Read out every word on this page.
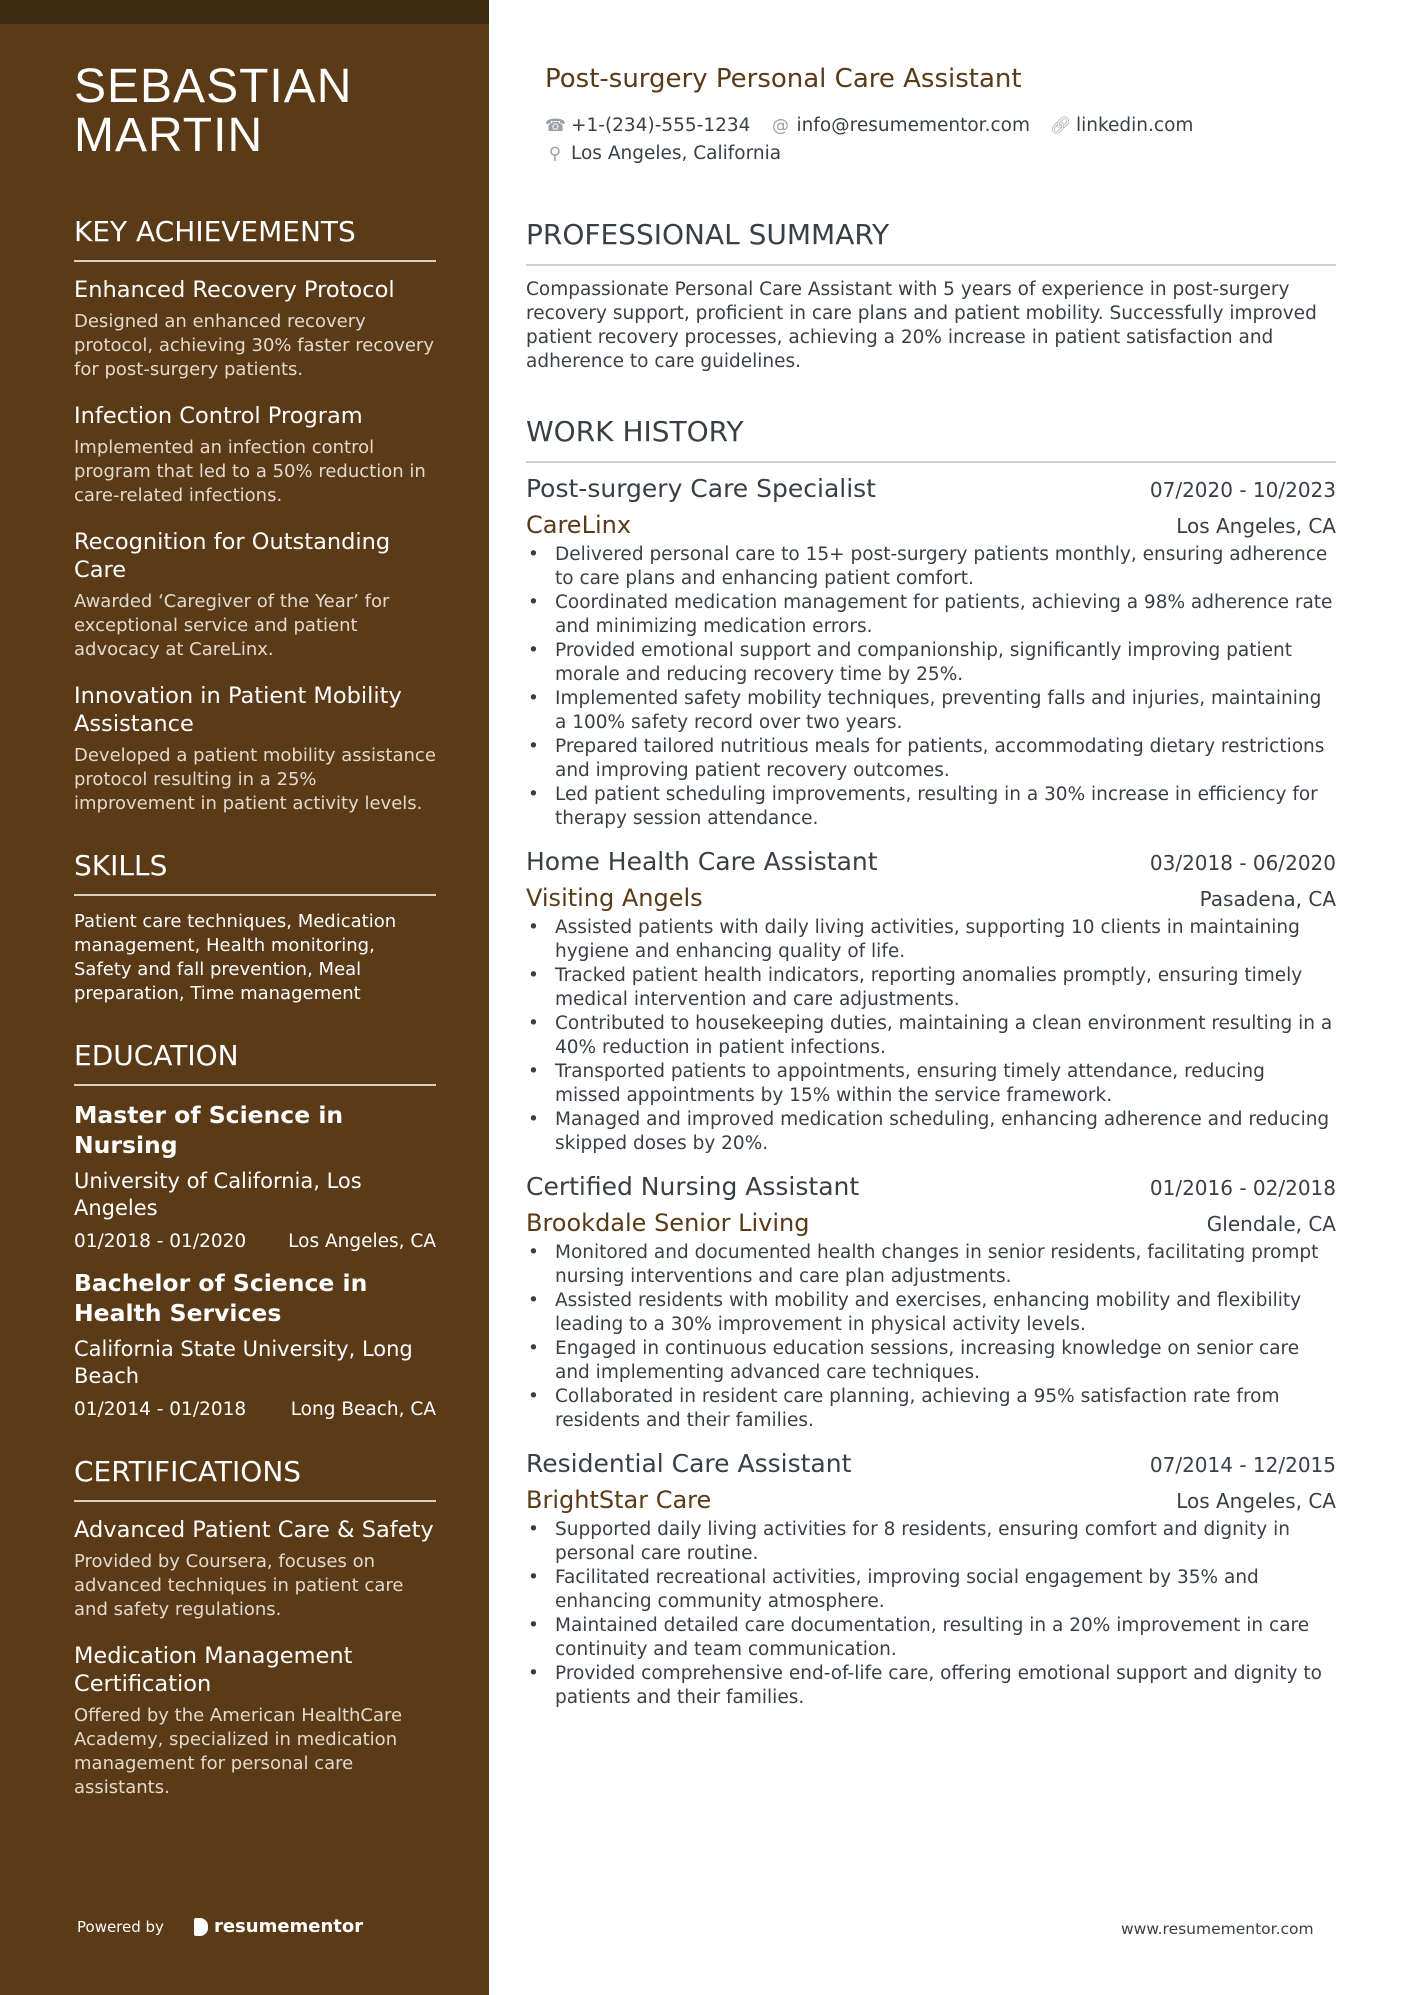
SEBASTIAN
MARTIN
KEY ACHIEVEMENTS
Enhanced Recovery Protocol
Designed an enhanced recovery protocol, achieving 30% faster recovery for post-surgery patients.
Infection Control Program
Implemented an infection control program that led to a 50% reduction in care-related infections.
Recognition for Outstanding Care
Awarded ‘Caregiver of the Year’ for exceptional service and patient advocacy at CareLinx.
Innovation in Patient Mobility Assistance
Developed a patient mobility assistance protocol resulting in a 25% improvement in patient activity levels.
SKILLS

Patient care techniques, Medication management, Health monitoring, Safety and fall prevention, Meal preparation, Time management

EDUCATION
Master of Science in Nursing
University of California, Los Angeles
01/2018 - 01/2020 Los Angeles, CA
Bachelor of Science in Health Services
California State University, Long Beach
01/2014 - 01/2018 Long Beach, CA
CERTIFICATIONS
Advanced Patient Care & Safety
Provided by Coursera, focuses on advanced techniques in patient care and safety regulations.
Medication Management Certification
Offered by the American HealthCare Academy, specialized in medication management for personal care assistants.
Powered by	resumementor
Post-surgery Personal Care Assistant
☎ +1-(234)-555-1234 @ info@resumementor.com 🔗︎ linkedin.com
⚲ Los Angeles, California
PROFESSIONAL SUMMARY

Compassionate Personal Care Assistant with 5 years of experience in post-surgery recovery support, proficient in care plans and patient mobility. Successfully improved patient recovery processes, achieving a 20% increase in patient satisfaction and adherence to care guidelines.

WORK HISTORY
Post-surgery Care Specialist	07/2020 - 10/2023
CareLinx	Los Angeles, CA
• Delivered personal care to 15+ post-surgery patients monthly, ensuring adherence to care plans and enhancing patient comfort.
• Coordinated medication management for patients, achieving a 98% adherence rate and minimizing medication errors.
• Provided emotional support and companionship, significantly improving patient morale and reducing recovery time by 25%.
• Implemented safety mobility techniques, preventing falls and injuries, maintaining a 100% safety record over two years.
• Prepared tailored nutritious meals for patients, accommodating dietary restrictions and improving patient recovery outcomes.
• Led patient scheduling improvements, resulting in a 30% increase in efficiency for therapy session attendance.
Home Health Care Assistant	03/2018 - 06/2020
Visiting Angels	Pasadena, CA
• Assisted patients with daily living activities, supporting 10 clients in maintaining hygiene and enhancing quality of life.
• Tracked patient health indicators, reporting anomalies promptly, ensuring timely medical intervention and care adjustments.
• Contributed to housekeeping duties, maintaining a clean environment resulting in a 40% reduction in patient infections.
• Transported patients to appointments, ensuring timely attendance, reducing missed appointments by 15% within the service framework.
• Managed and improved medication scheduling, enhancing adherence and reducing skipped doses by 20%.
Certified Nursing Assistant	01/2016 - 02/2018
Brookdale Senior Living	Glendale, CA
• Monitored and documented health changes in senior residents, facilitating prompt nursing interventions and care plan adjustments.
• Assisted residents with mobility and exercises, enhancing mobility and flexibility leading to a 30% improvement in physical activity levels.
• Engaged in continuous education sessions, increasing knowledge on senior care and implementing advanced care techniques.
• Collaborated in resident care planning, achieving a 95% satisfaction rate from residents and their families.
Residential Care Assistant	07/2014 - 12/2015
BrightStar Care	Los Angeles, CA
• Supported daily living activities for 8 residents, ensuring comfort and dignity in personal care routine.
• Facilitated recreational activities, improving social engagement by 35% and enhancing community atmosphere.
• Maintained detailed care documentation, resulting in a 20% improvement in care continuity and team communication.
• Provided comprehensive end-of-life care, offering emotional support and dignity to patients and their families.
www.resumementor.com
